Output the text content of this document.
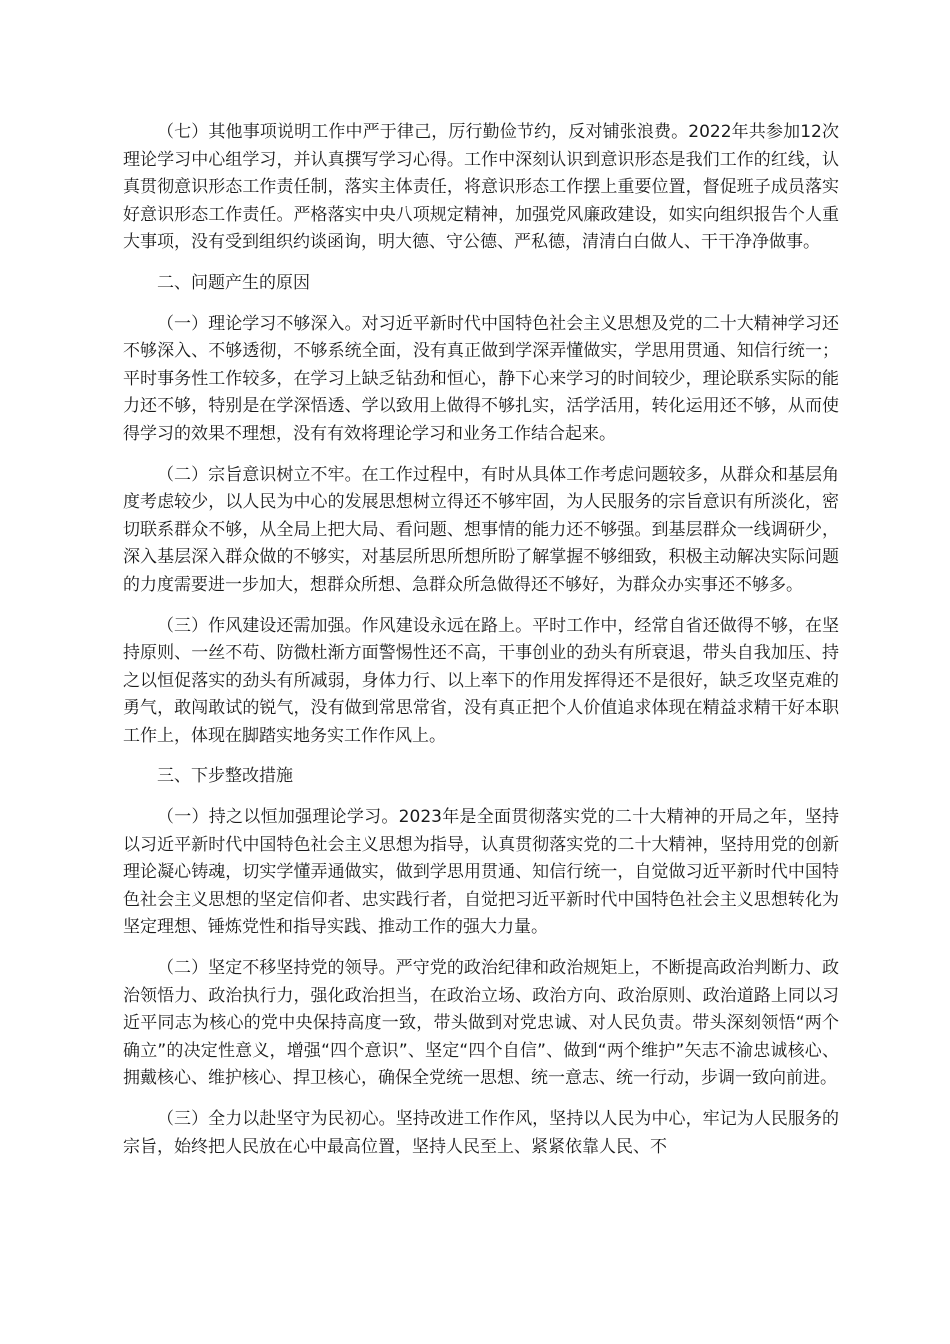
（七）其他事项说明工作中严于律己，厉行勤俭节约，反对铺张浪费。2022年共参加12次理论学习中心组学习，并认真撰写学习心得。工作中深刻认识到意识形态是我们工作的红线，认真贯彻意识形态工作责任制，落实主体责任，将意识形态工作摆上重要位置，督促班子成员落实好意识形态工作责任。严格落实中央八项规定精神，加强党风廉政建设，如实向组织报告个人重大事项，没有受到组织约谈函询，明大德、守公德、严私德，清清白白做人、干干净净做事。

二、问题产生的原因

（一）理论学习不够深入。对习近平新时代中国特色社会主义思想及党的二十大精神学习还不够深入、不够透彻，不够系统全面，没有真正做到学深弄懂做实，学思用贯通、知信行统一；平时事务性工作较多，在学习上缺乏钻劲和恒心，静下心来学习的时间较少，理论联系实际的能力还不够，特别是在学深悟透、学以致用上做得不够扎实，活学活用，转化运用还不够，从而使得学习的效果不理想，没有有效将理论学习和业务工作结合起来。

（二）宗旨意识树立不牢。在工作过程中，有时从具体工作考虑问题较多，从群众和基层角度考虑较少，以人民为中心的发展思想树立得还不够牢固，为人民服务的宗旨意识有所淡化，密切联系群众不够，从全局上把大局、看问题、想事情的能力还不够强。到基层群众一线调研少，深入基层深入群众做的不够实，对基层所思所想所盼了解掌握不够细致，积极主动解决实际问题的力度需要进一步加大，想群众所想、急群众所急做得还不够好，为群众办实事还不够多。

（三）作风建设还需加强。作风建设永远在路上。平时工作中，经常自省还做得不够，在坚持原则、一丝不苟、防微杜渐方面警惕性还不高，干事创业的劲头有所衰退，带头自我加压、持之以恒促落实的劲头有所减弱，身体力行、以上率下的作用发挥得还不是很好，缺乏攻坚克难的勇气，敢闯敢试的锐气，没有做到常思常省，没有真正把个人价值追求体现在精益求精干好本职工作上，体现在脚踏实地务实工作作风上。

三、下步整改措施

（一）持之以恒加强理论学习。2023年是全面贯彻落实党的二十大精神的开局之年，坚持以习近平新时代中国特色社会主义思想为指导，认真贯彻落实党的二十大精神，坚持用党的创新理论凝心铸魂，切实学懂弄通做实，做到学思用贯通、知信行统一，自觉做习近平新时代中国特色社会主义思想的坚定信仰者、忠实践行者，自觉把习近平新时代中国特色社会主义思想转化为坚定理想、锤炼党性和指导实践、推动工作的强大力量。

（二）坚定不移坚持党的领导。严守党的政治纪律和政治规矩上，不断提高政治判断力、政治领悟力、政治执行力，强化政治担当，在政治立场、政治方向、政治原则、政治道路上同以习近平同志为核心的党中央保持高度一致，带头做到对党忠诚、对人民负责。带头深刻领悟“两个确立”的决定性意义，增强“四个意识”、坚定“四个自信”、做到“两个维护”矢志不渝忠诚核心、拥戴核心、维护核心、捍卫核心，确保全党统一思想、统一意志、统一行动，步调一致向前进。

（三）全力以赴坚守为民初心。坚持改进工作作风，坚持以人民为中心，牢记为人民服务的宗旨，始终把人民放在心中最高位置，坚持人民至上、紧紧依靠人民、不
